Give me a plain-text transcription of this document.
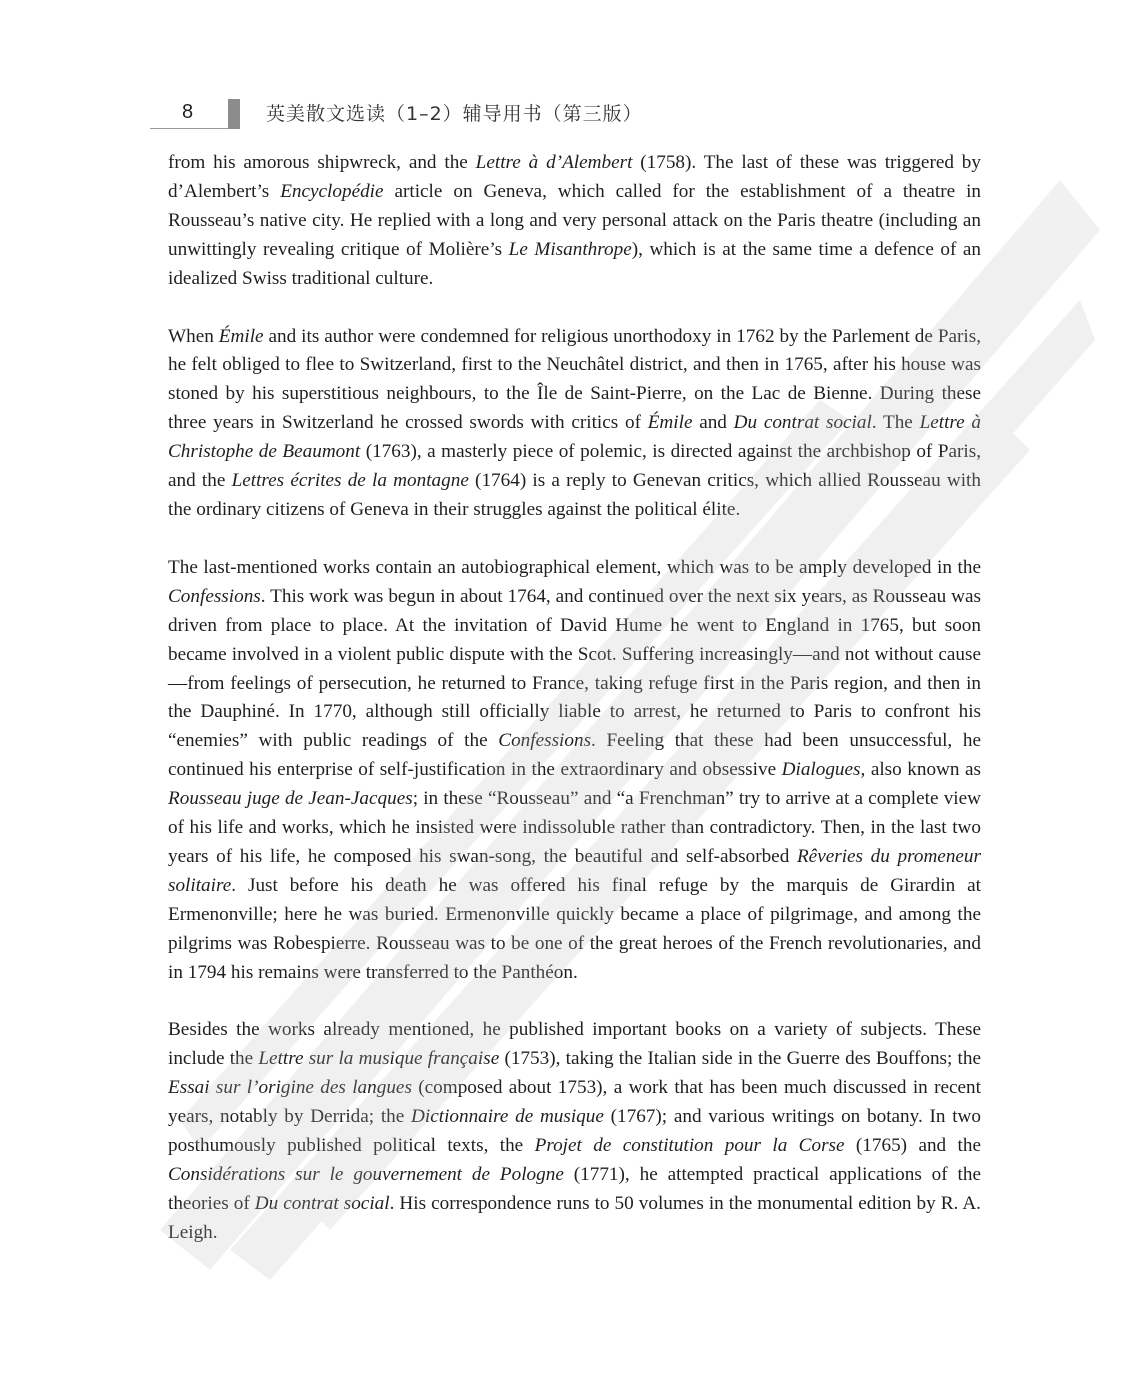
8	英美散文选读（1–2）辅导用书（第三版）

from his amorous shipwreck, and the Lettre à d’Alembert (1758). The last of these was triggered by d’Alembert’s Encyclopédie article on Geneva, which called for the establishment of a theatre in Rousseau’s native city. He replied with a long and very personal attack on the Paris theatre (including an unwittingly revealing critique of Molière’s Le Misanthrope), which is at the same time a defence of an idealized Swiss traditional culture.

When Émile and its author were condemned for religious unorthodoxy in 1762 by the Parlement de Paris, he felt obliged to flee to Switzerland, first to the Neuchâtel district, and then in 1765, after his house was stoned by his superstitious neighbours, to the Île de Saint-Pierre, on the Lac de Bienne. During these three years in Switzerland he crossed swords with critics of Émile and Du contrat social. The Lettre à Christophe de Beaumont (1763), a masterly piece of polemic, is directed against the archbishop of Paris, and the Lettres écrites de la montagne (1764) is a reply to Genevan critics, which allied Rousseau with the ordinary citizens of Geneva in their struggles against the political élite.

The last-mentioned works contain an autobiographical element, which was to be amply developed in the Confessions. This work was begun in about 1764, and continued over the next six years, as Rousseau was driven from place to place. At the invitation of David Hume he went to England in 1765, but soon became involved in a violent public dispute with the Scot. Suffering increasingly—and not without cause—from feelings of persecution, he returned to France, taking refuge first in the Paris region, and then in the Dauphiné. In 1770, although still officially liable to arrest, he returned to Paris to confront his “enemies” with public readings of the Confessions. Feeling that these had been unsuccessful, he continued his enterprise of self-justification in the extraordinary and obsessive Dialogues, also known as Rousseau juge de Jean-Jacques; in these “Rousseau” and “a Frenchman” try to arrive at a complete view of his life and works, which he insisted were indissoluble rather than contradictory. Then, in the last two years of his life, he composed his swan-song, the beautiful and self-absorbed Rêveries du promeneur solitaire. Just before his death he was offered his final refuge by the marquis de Girardin at Ermenonville; here he was buried. Ermenonville quickly became a place of pilgrimage, and among the pilgrims was Robespierre. Rousseau was to be one of the great heroes of the French revolutionaries, and in 1794 his remains were transferred to the Panthéon.

Besides the works already mentioned, he published important books on a variety of subjects. These include the Lettre sur la musique française (1753), taking the Italian side in the Guerre des Bouffons; the Essai sur l’origine des langues (composed about 1753), a work that has been much discussed in recent years, notably by Derrida; the Dictionnaire de musique (1767); and various writings on botany. In two posthumously published political texts, the Projet de constitution pour la Corse (1765) and the Considérations sur le gouvernement de Pologne (1771), he attempted practical applications of the theories of Du contrat social. His correspondence runs to 50 volumes in the monumental edition by R. A. Leigh.
